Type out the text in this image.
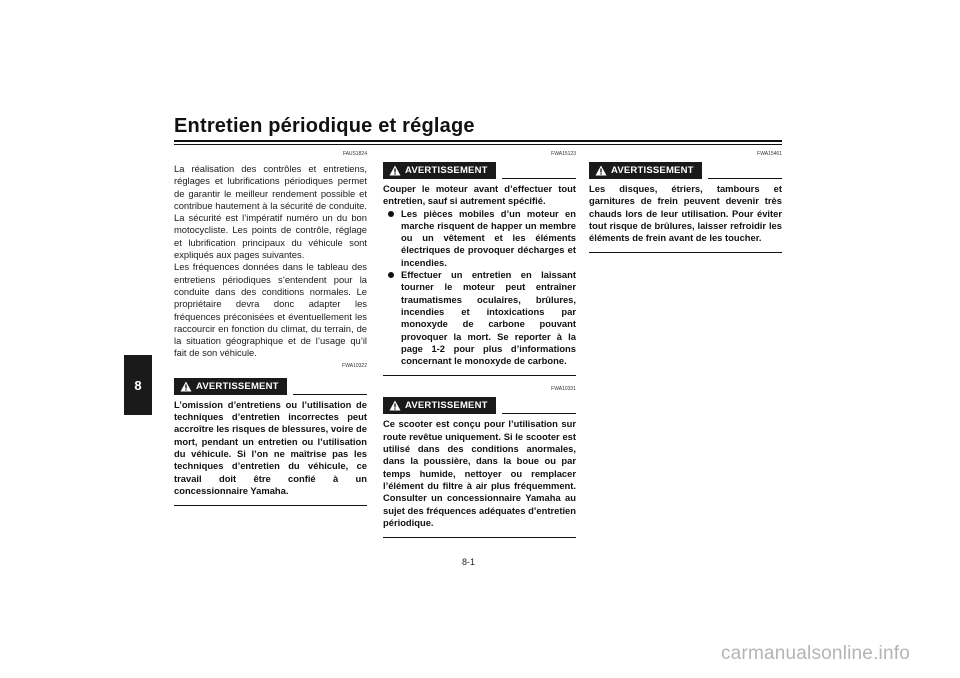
Entretien périodique et réglage
8
FAUS1824

La réalisation des contrôles et entretiens, réglages et lubrifications périodiques permet de garantir le meilleur rendement possible et contribue hautement à la sécurité de conduite. La sécurité est l’impératif numéro un du bon motocycliste. Les points de contrôle, réglage et lubrification principaux du véhicule sont expliqués aux pages suivantes.

Les fréquences données dans le tableau des entretiens périodiques s’entendent pour la conduite dans des conditions normales. Le propriétaire devra donc adapter les fréquences préconisées et éventuellement les raccourcir en fonction du climat, du terrain, de la situation géographique et de l’usage qu’il fait de son véhicule.

FWA10322
AVERTISSEMENT

L’omission d’entretiens ou l’utilisation de techniques d’entretien incorrectes peut accroître les risques de blessures, voire de mort, pendant un entretien ou l’utilisation du véhicule. Si l’on ne maîtrise pas les techniques d’entretien du véhicule, ce travail doit être confié à un concessionnaire Yamaha.

FWA15123
AVERTISSEMENT

Couper le moteur avant d’effectuer tout entretien, sauf si autrement spécifié.

Les pièces mobiles d’un moteur en marche risquent de happer un membre ou un vêtement et les éléments électriques de provoquer décharges et incendies.
Effectuer un entretien en laissant tourner le moteur peut entraîner traumatismes oculaires, brûlures, incendies et intoxications par monoxyde de carbone pouvant provoquer la mort. Se reporter à la page 1-2 pour plus d’informations concernant le monoxyde de carbone.
FWA10331
AVERTISSEMENT

Ce scooter est conçu pour l’utilisation sur route revêtue uniquement. Si le scooter est utilisé dans des conditions anormales, dans la poussière, dans la boue ou par temps humide, nettoyer ou remplacer l’élément du filtre à air plus fréquemment. Consulter un concessionnaire Yamaha au sujet des fréquences adéquates d’entretien périodique.

FWA15461
AVERTISSEMENT

Les disques, étriers, tambours et garnitures de frein peuvent devenir très chauds lors de leur utilisation. Pour éviter tout risque de brûlures, laisser refroidir les éléments de frein avant de les toucher.

8-1
carmanualsonline.info
